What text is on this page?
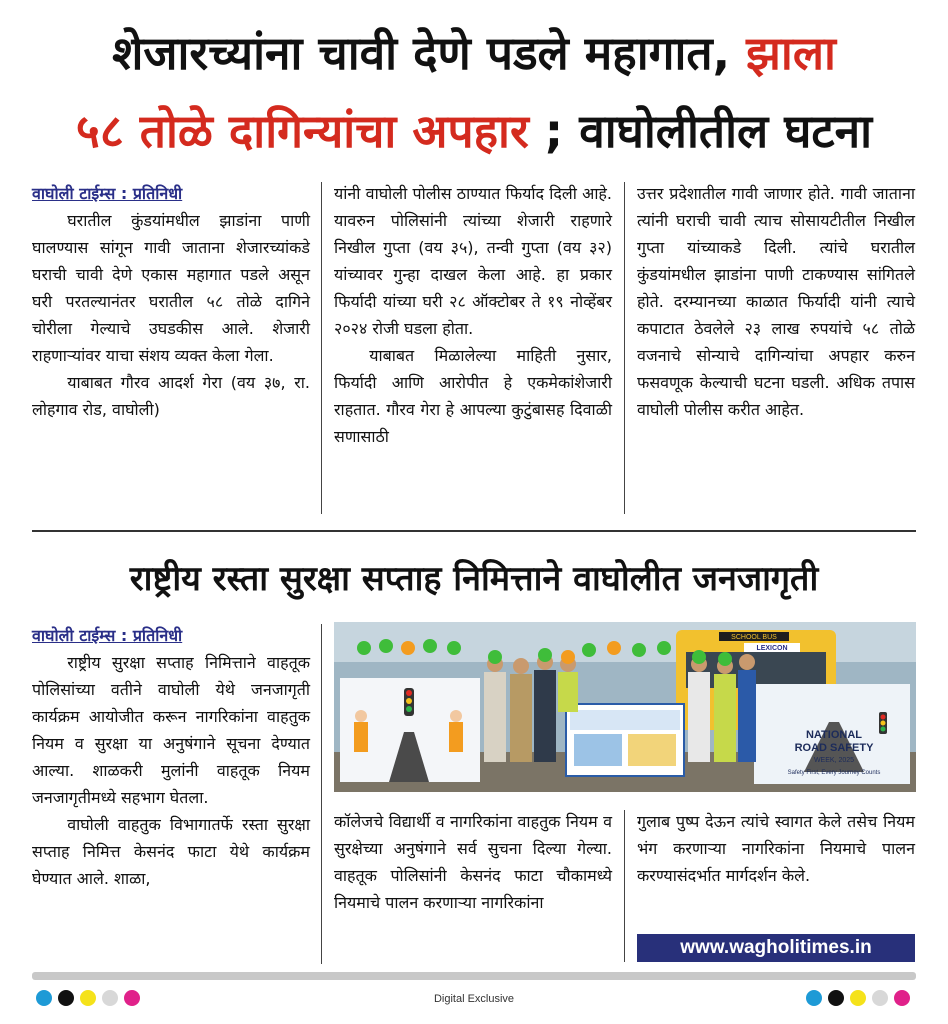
शेजारच्यांना चावी देणे पडले महागात, झाला
५८ तोळे दागिन्यांचा अपहार ; वाघोलीतील घटना
वाघोली टाईम्स : प्रतिनिधी

घरातील कुंडयांमधील झाडांना पाणी घालण्यास सांगून गावी जाताना शेजारच्यांकडे घराची चावी देणे एकास महागात पडले असून घरी परतल्यानंतर घरातील ५८ तोळे दागिने चोरीला गेल्याचे उघडकीस आले. शेजारी राहणाऱ्यांवर याचा संशय व्यक्त केला गेला.

याबाबत गौरव आदर्श गेरा (वय ३७, रा. लोहगाव रोड, वाघोली)

यांनी वाघोली पोलीस ठाण्यात फिर्याद दिली आहे. यावरुन पोलिसांनी त्यांच्या शेजारी राहणारे निखील गुप्ता (वय ३५), तन्वी गुप्ता (वय ३२) यांच्यावर गुन्हा दाखल केला आहे. हा प्रकार फिर्यादी यांच्या घरी २८ ऑक्टोबर ते १९ नोव्हेंबर २०२४ रोजी घडला होता.

याबाबत मिळालेल्या माहिती नुसार, फिर्यादी आणि आरोपीत हे एकमेकांशेजारी राहतात. गौरव गेरा हे आपल्या कुटुंबासह दिवाळी सणासाठी

उत्तर प्रदेशातील गावी जाणार होते. गावी जाताना त्यांनी घराची चावी त्याच सोसायटीतील निखील गुप्ता यांच्याकडे दिली. त्यांचे घरातील कुंडयांमधील झाडांना पाणी टाकण्यास सांगितले होते. दरम्यानच्या काळात फिर्यादी यांनी त्याचे कपाटात ठेवलेले २३ लाख रुपयांचे ५८ तोळे वजनाचे सोन्याचे दागिन्यांचा अपहार करुन फसवणूक केल्याची घटना घडली. अधिक तपास वाघोली पोलीस करीत आहेत.

राष्ट्रीय रस्ता सुरक्षा सप्ताह निमित्ताने वाघोलीत जनजागृती
वाघोली टाईम्स : प्रतिनिधी

राष्ट्रीय सुरक्षा सप्ताह निमित्ताने वाहतूक पोलिसांच्या वतीने वाघोली येथे जनजागृती कार्यक्रम आयोजीत करून नागरिकांना वाहतुक नियम व सुरक्षा या अनुषंगाने सूचना देण्यात आल्या. शाळकरी मुलांनी वाहतूक नियम जनजागृतीमध्ये सहभाग घेतला.

वाघोली वाहतुक विभागातर्फे रस्ता सुरक्षा सप्ताह निमित्त केसनंद फाटा येथे कार्यक्रम घेण्यात आले. शाळा,

SCHOOL BUS
LEXICON
NATIONAL
ROAD SAFETY
WEEK, 2025
Safety First, Every Journey Counts

कॉलेजचे विद्यार्थी व नागरिकांना वाहतुक नियम व सुरक्षेच्या अनुषंगाने सर्व सुचना दिल्या गेल्या. वाहतूक पोलिसांनी केसनंद फाटा चौकामध्ये नियमाचे पालन करणाऱ्या नागरिकांना

गुलाब पुष्प देऊन त्यांचे स्वागत केले तसेच नियम भंग करणाऱ्या नागरिकांना नियमाचे पालन करण्यासंदर्भात मार्गदर्शन केले.

www.wagholitimes.in
Digital Exclusive
